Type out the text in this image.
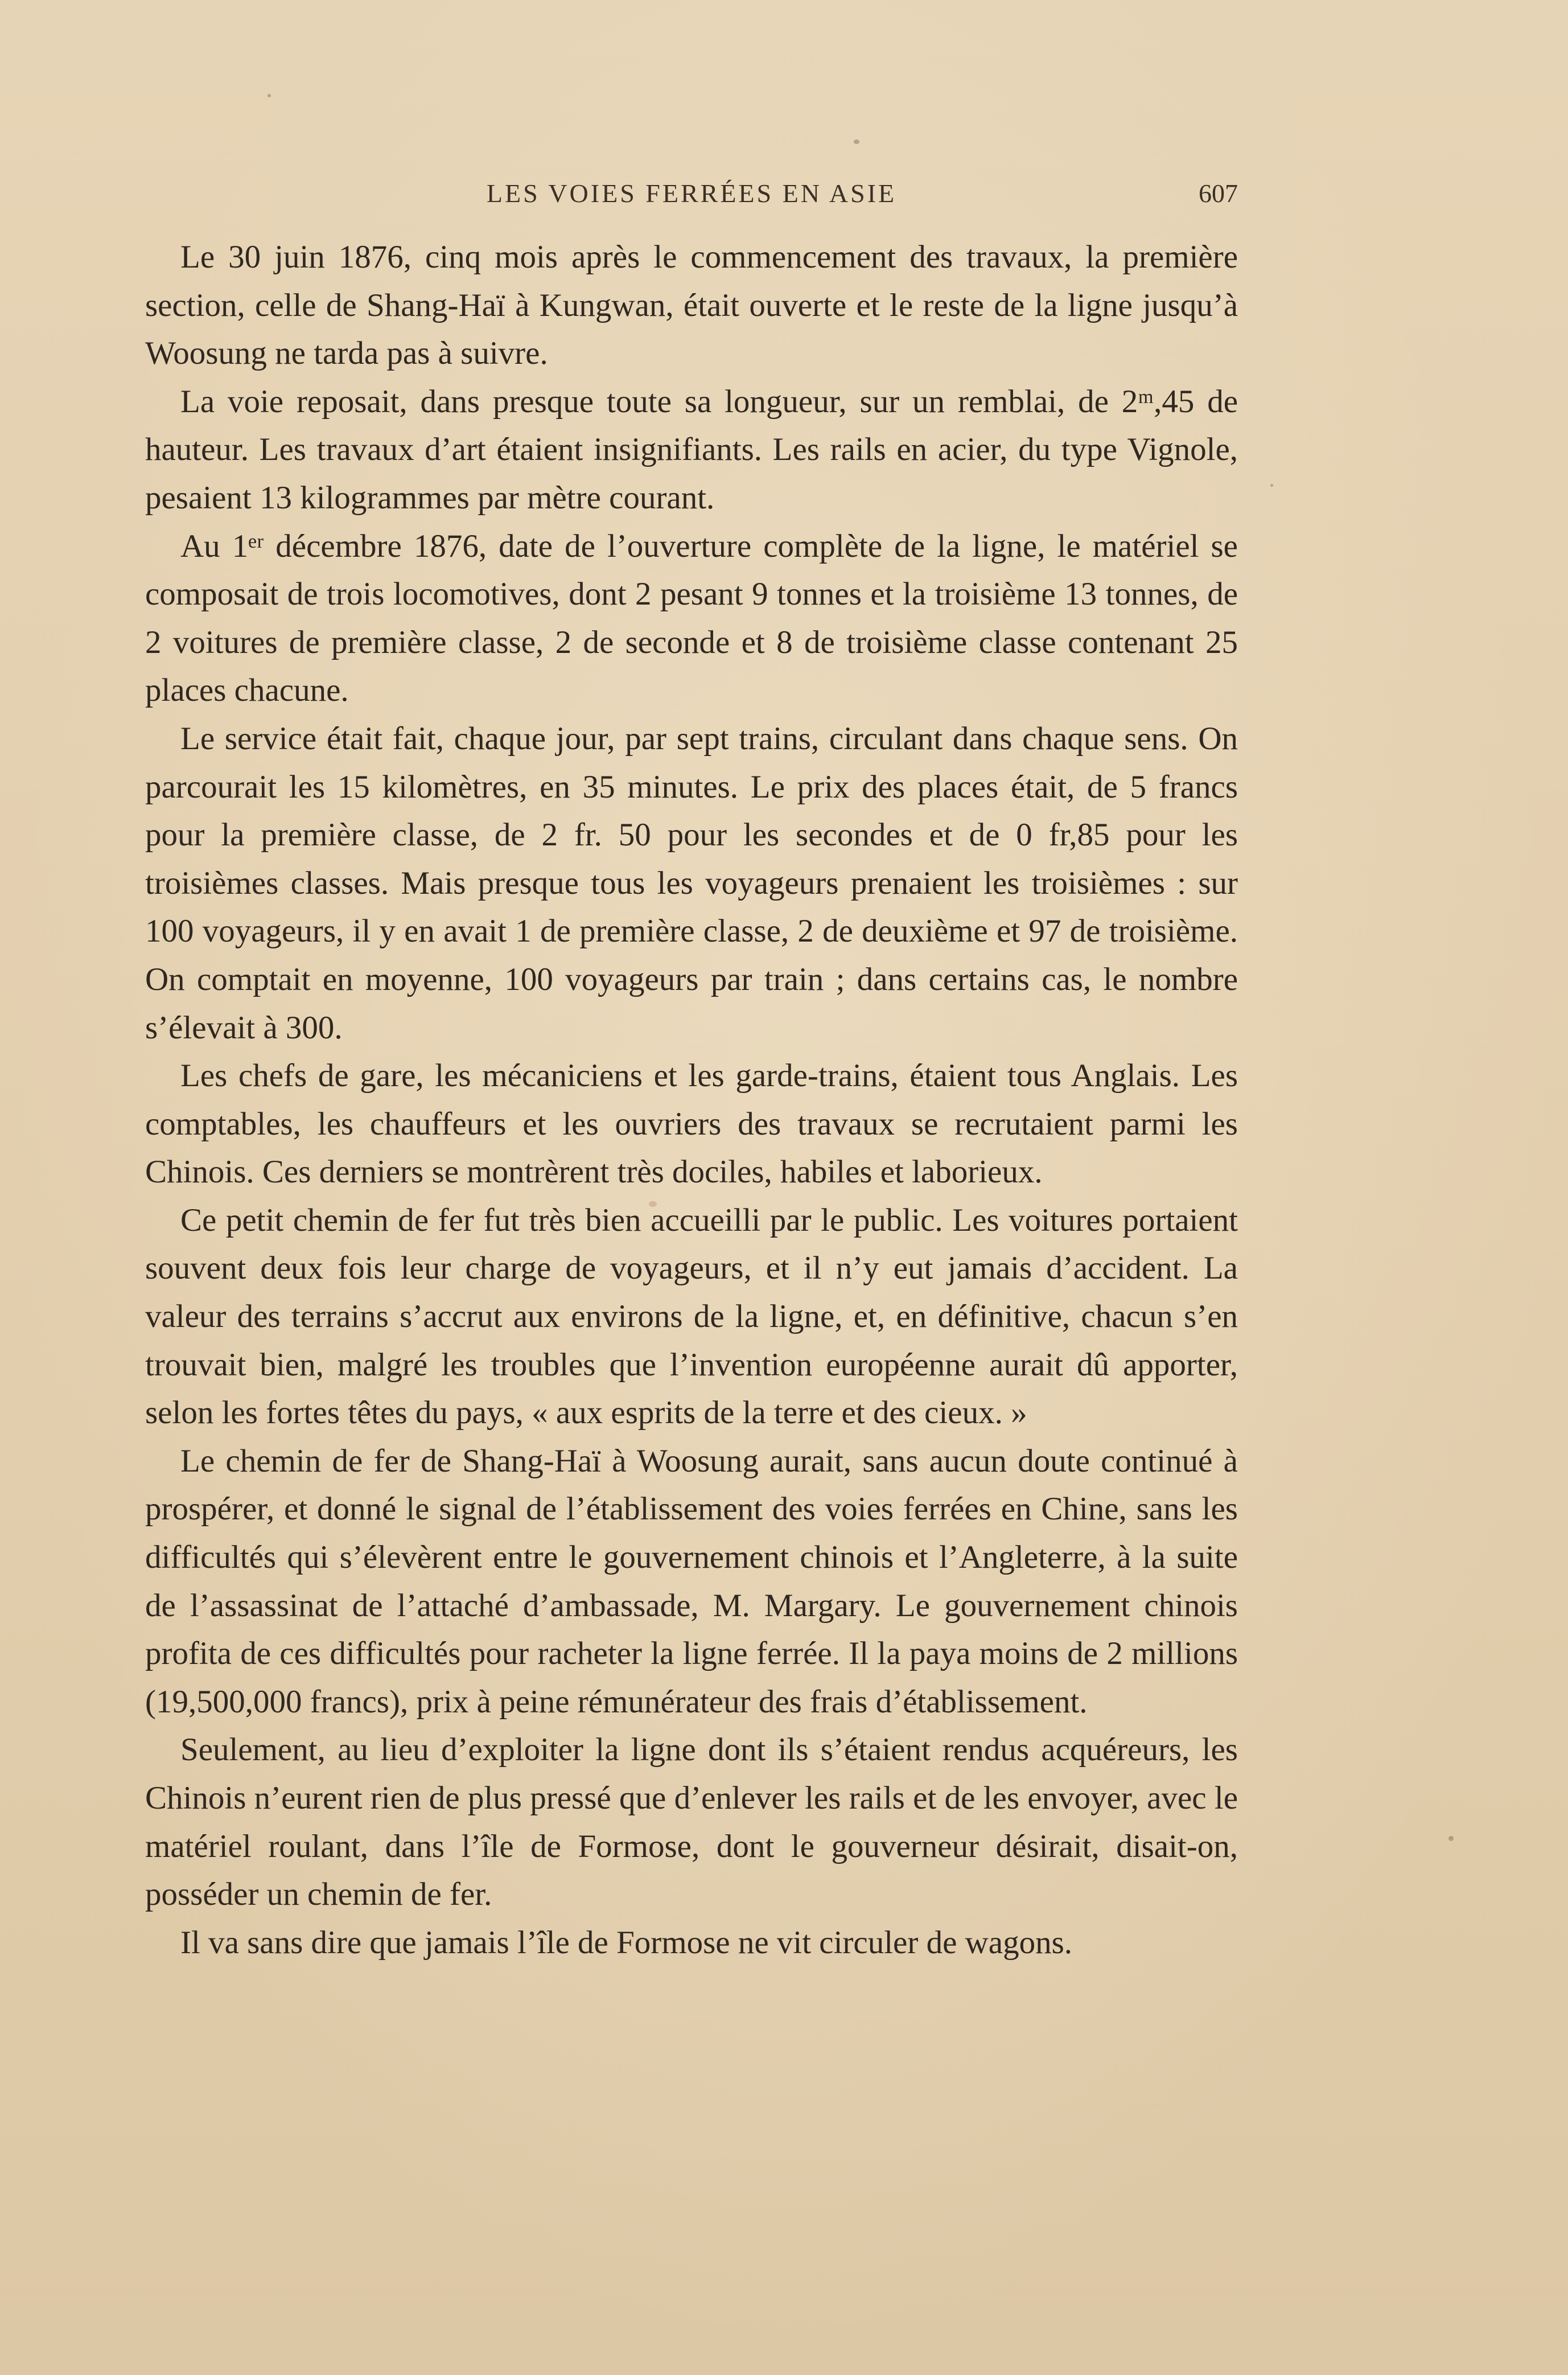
LES VOIES FERRÉES EN ASIE	607

Le 30 juin 1876, cinq mois après le commencement des travaux, la première section, celle de Shang-Haï à Kungwan, était ouverte et le reste de la ligne jusqu’à Woosung ne tarda pas à suivre.

La voie reposait, dans presque toute sa longueur, sur un remblai, de 2ᵐ,45 de hauteur. Les travaux d’art étaient insignifiants. Les rails en acier, du type Vignole, pesaient 13 kilogrammes par mètre courant.

Au 1ᵉʳ décembre 1876, date de l’ouverture complète de la ligne, le matériel se composait de trois locomotives, dont 2 pesant 9 tonnes et la troisième 13 tonnes, de 2 voitures de première classe, 2 de seconde et 8 de troisième classe contenant 25 places chacune.

Le service était fait, chaque jour, par sept trains, circulant dans chaque sens. On parcourait les 15 kilomètres, en 35 minutes. Le prix des places était, de 5 francs pour la première classe, de 2 fr. 50 pour les secondes et de 0 fr,85 pour les troisièmes classes. Mais presque tous les voyageurs prenaient les troisièmes : sur 100 voyageurs, il y en avait 1 de première classe, 2 de deuxième et 97 de troisième. On comptait en moyenne, 100 voyageurs par train ; dans certains cas, le nombre s’élevait à 300.

Les chefs de gare, les mécaniciens et les garde-trains, étaient tous Anglais. Les comptables, les chauffeurs et les ouvriers des travaux se recrutaient parmi les Chinois. Ces derniers se montrèrent très dociles, habiles et laborieux.

Ce petit chemin de fer fut très bien accueilli par le public. Les voitures portaient souvent deux fois leur charge de voyageurs, et il n’y eut jamais d’accident. La valeur des terrains s’accrut aux environs de la ligne, et, en définitive, chacun s’en trouvait bien, malgré les troubles que l’invention européenne aurait dû apporter, selon les fortes têtes du pays, « aux esprits de la terre et des cieux. »

Le chemin de fer de Shang-Haï à Woosung aurait, sans aucun doute continué à prospérer, et donné le signal de l’établissement des voies ferrées en Chine, sans les difficultés qui s’élevèrent entre le gouvernement chinois et l’Angleterre, à la suite de l’assassinat de l’attaché d’ambassade, M. Margary. Le gouvernement chinois profita de ces difficultés pour racheter la ligne ferrée. Il la paya moins de 2 millions (19,500,000 francs), prix à peine rémunérateur des frais d’établissement.

Seulement, au lieu d’exploiter la ligne dont ils s’étaient rendus acquéreurs, les Chinois n’eurent rien de plus pressé que d’enlever les rails et de les envoyer, avec le matériel roulant, dans l’île de Formose, dont le gouverneur désirait, disait-on, posséder un chemin de fer.

Il va sans dire que jamais l’île de Formose ne vit circuler de wagons.
